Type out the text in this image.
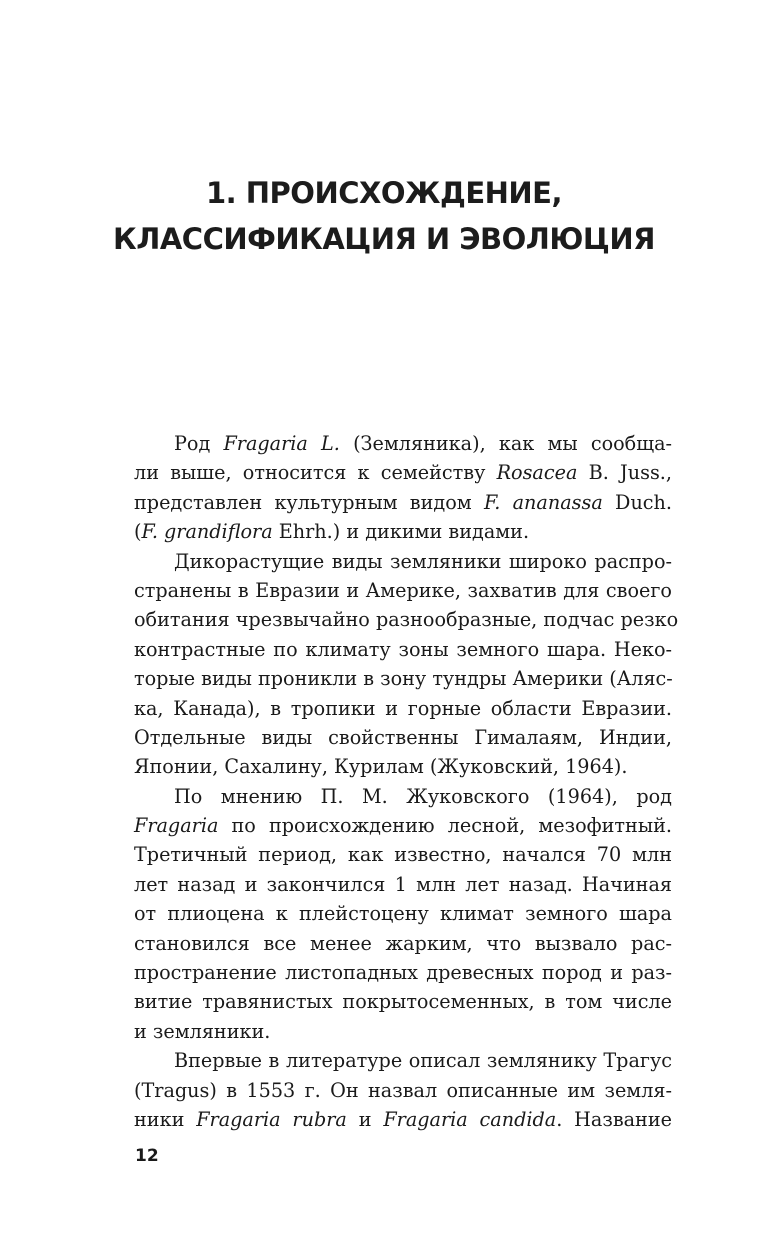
1. ПРОИСХОЖДЕНИЕ,
КЛАССИФИКАЦИЯ И ЭВОЛЮЦИЯ
Род Fragaria L. (Земляника), как мы сообща-
ли выше, относится к семейству Rosacea B. Juss.,
представлен культурным видом F. ananassa Duch.
(F. grandiflora Ehrh.) и дикими видами.
Дикорастущие виды земляники широко распро-
странены в Евразии и Америке, захватив для своего
обитания чрезвычайно разнообразные, подчас резко
контрастные по климату зоны земного шара. Неко-
торые виды проникли в зону тундры Америки (Аляс-
ка, Канада), в тропики и горные области Евразии.
Отдельные виды свойственны Гималаям, Индии,
Японии, Сахалину, Курилам (Жуковский, 1964).
По мнению П. М. Жуковского (1964), род
Fragaria по происхождению лесной, мезофитный.
Третичный период, как известно, начался 70 млн
лет назад и закончился 1 млн лет назад. Начиная
от плиоцена к плейстоцену климат земного шара
становился все менее жарким, что вызвало рас-
пространение листопадных древесных пород и раз-
витие травянистых покрытосеменных, в том числе
и земляники.
Впервые в литературе описал землянику Трагус
(Tragus) в 1553 г. Он назвал описанные им земля-
ники Fragaria rubra и Fragaria candida. Название
12
